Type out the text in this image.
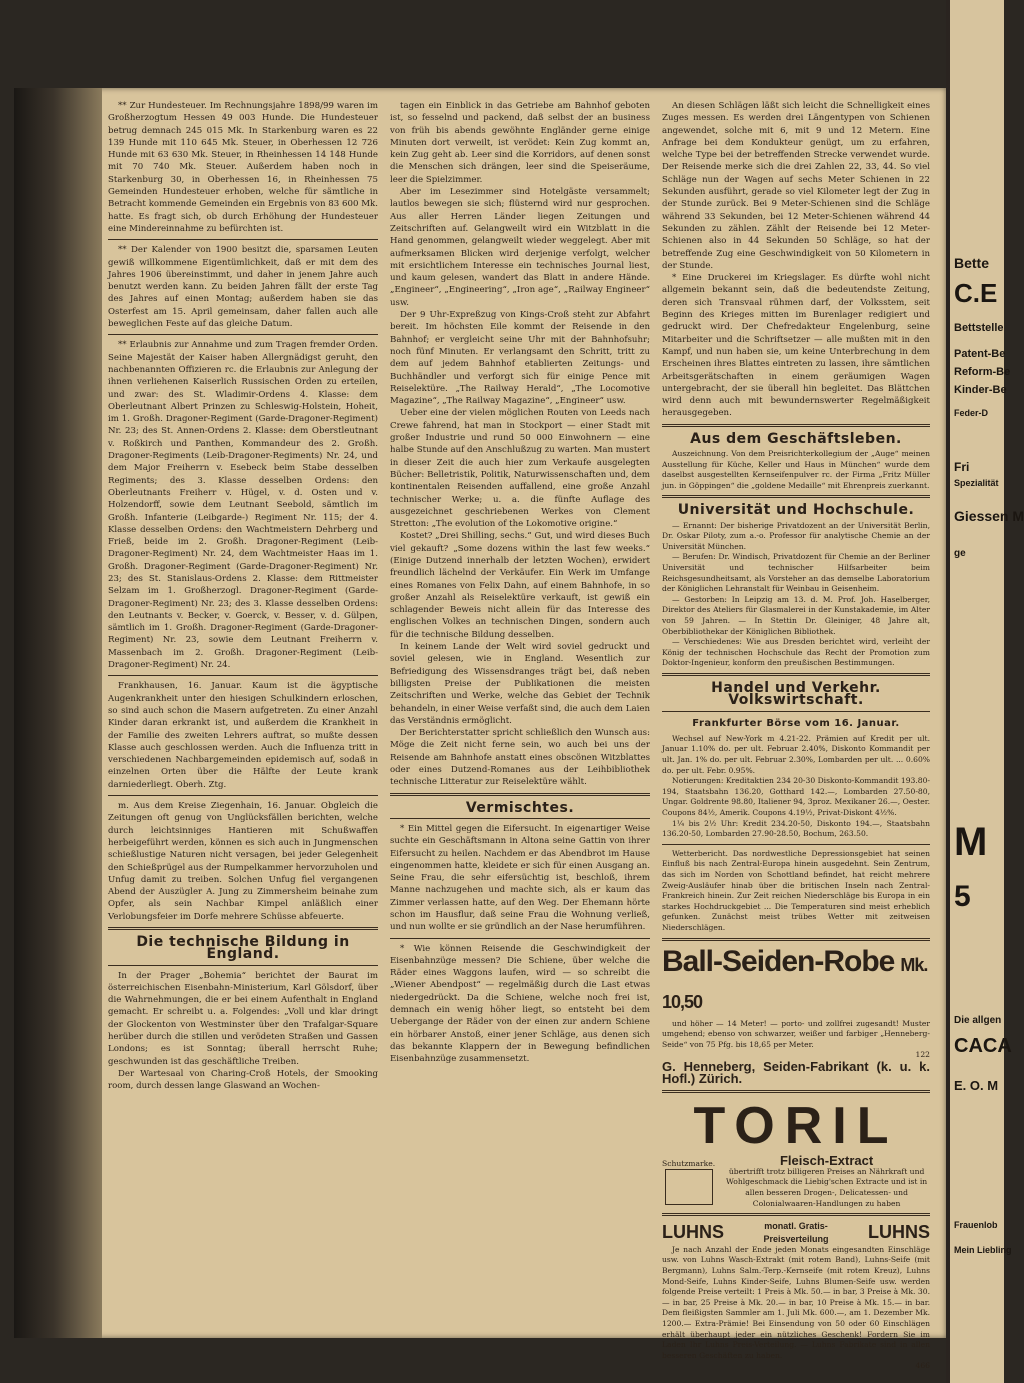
** Zur Hundesteuer. Im Rechnungsjahre 1898/99 waren im Großherzogtum Hessen 49 003 Hunde. Die Hundesteuer betrug demnach 245 015 Mk. In Starkenburg waren es 22 139 Hunde mit 110 645 Mk. Steuer, in Oberhessen 12 726 Hunde mit 63 630 Mk. Steuer, in Rheinhessen 14 148 Hunde mit 70 740 Mk. Steuer. Außerdem haben noch in Starkenburg 30, in Oberhessen 16, in Rheinhessen 75 Gemeinden Hundesteuer erhoben, welche für sämtliche in Betracht kommende Gemeinden ein Ergebnis von 83 600 Mk. hatte. Es fragt sich, ob durch Erhöhung der Hundesteuer eine Mindereinnahme zu befürchten ist.

** Der Kalender von 1900 besitzt die, sparsamen Leuten gewiß willkommene Eigentümlichkeit, daß er mit dem des Jahres 1906 übereinstimmt, und daher in jenem Jahre auch benutzt werden kann. Zu beiden Jahren fällt der erste Tag des Jahres auf einen Montag; außerdem haben sie das Osterfest am 15. April gemeinsam, daher fallen auch alle beweglichen Feste auf das gleiche Datum.

** Erlaubnis zur Annahme und zum Tragen fremder Orden. Seine Majestät der Kaiser haben Allergnädigst geruht, den nachbenannten Offizieren rc. die Erlaubnis zur Anlegung der ihnen verliehenen Kaiserlich Russischen Orden zu erteilen, und zwar: des St. Wladimir-Ordens 4. Klasse: dem Oberleutnant Albert Prinzen zu Schleswig-Holstein, Hoheit, im 1. Großh. Dragoner-Regiment (Garde-Dragoner-Regiment) Nr. 23; des St. Annen-Ordens 2. Klasse: dem Oberstleutnant v. Roßkirch und Panthen, Kommandeur des 2. Großh. Dragoner-Regiments (Leib-Dragoner-Regiments) Nr. 24, und dem Major Freiherrn v. Esebeck beim Stabe desselben Regiments; des 3. Klasse desselben Ordens: den Oberleutnants Freiherr v. Hügel, v. d. Osten und v. Holzendorff, sowie dem Leutnant Seebold, sämtlich im Großh. Infanterie (Leibgarde-) Regiment Nr. 115; der 4. Klasse desselben Ordens: den Wachtmeistern Dehrberg und Frieß, beide im 2. Großh. Dragoner-Regiment (Leib-Dragoner-Regiment) Nr. 24, dem Wachtmeister Haas im 1. Großh. Dragoner-Regiment (Garde-Dragoner-Regiment) Nr. 23; des St. Stanislaus-Ordens 2. Klasse: dem Rittmeister Selzam im 1. Großherzogl. Dragoner-Regiment (Garde-Dragoner-Regiment) Nr. 23; des 3. Klasse desselben Ordens: den Leutnants v. Becker, v. Goerck, v. Besser, v. d. Gülpen, sämtlich im 1. Großh. Dragoner-Regiment (Garde-Dragoner-Regiment) Nr. 23, sowie dem Leutnant Freiherrn v. Massenbach im 2. Großh. Dragoner-Regiment (Leib-Dragoner-Regiment) Nr. 24.

Frankhausen, 16. Januar. Kaum ist die ägyptische Augenkrankheit unter den hiesigen Schulkindern erloschen, so sind auch schon die Masern aufgetreten. Zu einer Anzahl Kinder daran erkrankt ist, und außerdem die Krankheit in der Familie des zweiten Lehrers auftrat, so mußte dessen Klasse auch geschlossen werden. Auch die Influenza tritt in verschiedenen Nachbargemeinden epidemisch auf, sodaß in einzelnen Orten über die Hälfte der Leute krank darniederliegt. Oberh. Ztg.

m. Aus dem Kreise Ziegenhain, 16. Januar. Obgleich die Zeitungen oft genug von Unglücksfällen berichten, welche durch leichtsinniges Hantieren mit Schußwaffen herbeigeführt werden, können es sich auch in Jungmenschen schießlustige Naturen nicht versagen, bei jeder Gelegenheit den Schießprügel aus der Rumpelkammer hervorzuholen und Unfug damit zu treiben. Solchen Unfug fiel vergangenen Abend der Auszügler A. Jung zu Zimmersheim beinahe zum Opfer, als sein Nachbar Kimpel anläßlich einer Verlobungsfeier im Dorfe mehrere Schüsse abfeuerte.

Die technische Bildung in England.

In der Prager „Bohemia“ berichtet der Baurat im österreichischen Eisenbahn-Ministerium, Karl Gölsdorf, über die Wahrnehmungen, die er bei einem Aufenthalt in England gemacht. Er schreibt u. a. Folgendes: „Voll und klar dringt der Glockenton von Westminster über den Trafalgar-Square herüber durch die stillen und verödeten Straßen und Gassen Londons; es ist Sonntag; überall herrscht Ruhe; geschwunden ist das geschäftliche Treiben.

Der Wartesaal von Charing-Croß Hotels, der Smooking room, durch dessen lange Glaswand an Wochen-

tagen ein Einblick in das Getriebe am Bahnhof geboten ist, so fesselnd und packend, daß selbst der an business von früh bis abends gewöhnte Engländer gerne einige Minuten dort verweilt, ist verödet: Kein Zug kommt an, kein Zug geht ab. Leer sind die Korridors, auf denen sonst die Menschen sich drängen, leer sind die Speiseräume, leer die Spielzimmer.

Aber im Lesezimmer sind Hotelgäste versammelt; lautlos bewegen sie sich; flüsternd wird nur gesprochen. Aus aller Herren Länder liegen Zeitungen und Zeitschriften auf. Gelangweilt wird ein Witzblatt in die Hand genommen, gelangweilt wieder weggelegt. Aber mit aufmerksamen Blicken wird derjenige verfolgt, welcher mit ersichtlichem Interesse ein technisches Journal liest, und kaum gelesen, wandert das Blatt in andere Hände. „Engineer“, „Engineering“, „Iron age“, „Railway Engineer“ usw.

Der 9 Uhr-Expreßzug von Kings-Croß steht zur Abfahrt bereit. Im höchsten Eile kommt der Reisende in den Bahnhof; er vergleicht seine Uhr mit der Bahnhofsuhr; noch fünf Minuten. Er verlangsamt den Schritt, tritt zu dem auf jedem Bahnhof etablierten Zeitungs- und Buchhändler und verforgt sich für einige Pence mit Reiselektüre. „The Railway Herald“, „The Locomotive Magazine“, „The Railway Magazine“, „Engineer“ usw.

Ueber eine der vielen möglichen Routen von Leeds nach Crewe fahrend, hat man in Stockport — einer Stadt mit großer Industrie und rund 50 000 Einwohnern — eine halbe Stunde auf den Anschlußzug zu warten. Man mustert in dieser Zeit die auch hier zum Verkaufe ausgelegten Bücher: Belletristik, Politik, Naturwissenschaften und, dem kontinentalen Reisenden auffallend, eine große Anzahl technischer Werke; u. a. die fünfte Auflage des ausgezeichnet geschriebenen Werkes von Clement Stretton: „The evolution of the Lokomotive origine.“

Kostet? „Drei Shilling, sechs.“ Gut, und wird dieses Buch viel gekauft? „Some dozens within the last few weeks.“ (Einige Dutzend innerhalb der letzten Wochen), erwidert freundlich lächelnd der Verkäufer. Ein Werk im Umfange eines Romanes von Felix Dahn, auf einem Bahnhofe, in so großer Anzahl als Reiselektüre verkauft, ist gewiß ein schlagender Beweis nicht allein für das Interesse des englischen Volkes an technischen Dingen, sondern auch für die technische Bildung desselben.

In keinem Lande der Welt wird soviel gedruckt und soviel gelesen, wie in England. Wesentlich zur Befriedigung des Wissensdranges trägt bei, daß neben billigsten Preise der Publikationen die meisten Zeitschriften und Werke, welche das Gebiet der Technik behandeln, in einer Weise verfaßt sind, die auch dem Laien das Verständnis ermöglicht.

Der Berichterstatter spricht schließlich den Wunsch aus: Möge die Zeit nicht ferne sein, wo auch bei uns der Reisende am Bahnhofe anstatt eines obscönen Witzblattes oder eines Dutzend-Romanes aus der Leihbibliothek technische Litteratur zur Reiselektüre wählt.

Vermischtes.

* Ein Mittel gegen die Eifersucht. In eigenartiger Weise suchte ein Geschäftsmann in Altona seine Gattin von ihrer Eifersucht zu heilen. Nachdem er das Abendbrot im Hause eingenommen hatte, kleidete er sich für einen Ausgang an. Seine Frau, die sehr eifersüchtig ist, beschloß, ihrem Manne nachzugehen und machte sich, als er kaum das Zimmer verlassen hatte, auf den Weg. Der Ehemann hörte schon im Hausflur, daß seine Frau die Wohnung verließ, und nun wollte er sie gründlich an der Nase herumführen.

* Wie können Reisende die Geschwindigkeit der Eisenbahnzüge messen? Die Schiene, über welche die Räder eines Waggons laufen, wird — so schreibt die „Wiener Abendpost“ — regelmäßig durch die Last etwas niedergedrückt. Da die Schiene, welche noch frei ist, demnach ein wenig höher liegt, so entsteht bei dem Uebergange der Räder von der einen zur andern Schiene ein hörbarer Anstoß, einer jener Schläge, aus denen sich das bekannte Klappern der in Bewegung befindlichen Eisenbahnzüge zusammensetzt.

An diesen Schlägen läßt sich leicht die Schnelligkeit eines Zuges messen. Es werden drei Längentypen von Schienen angewendet, solche mit 6, mit 9 und 12 Metern. Eine Anfrage bei dem Kondukteur genügt, um zu erfahren, welche Type bei der betreffenden Strecke verwendet wurde. Der Reisende merke sich die drei Zahlen 22, 33, 44. So viel Schläge nun der Wagen auf sechs Meter Schienen in 22 Sekunden ausführt, gerade so viel Kilometer legt der Zug in der Stunde zurück. Bei 9 Meter-Schienen sind die Schläge während 33 Sekunden, bei 12 Meter-Schienen während 44 Sekunden zu zählen. Zählt der Reisende bei 12 Meter-Schienen also in 44 Sekunden 50 Schläge, so hat der betreffende Zug eine Geschwindigkeit von 50 Kilometern in der Stunde.

* Eine Druckerei im Kriegslager. Es dürfte wohl nicht allgemein bekannt sein, daß die bedeutendste Zeitung, deren sich Transvaal rühmen darf, der Volksstem, seit Beginn des Krieges mitten im Burenlager redigiert und gedruckt wird. Der Chefredakteur Engelenburg, seine Mitarbeiter und die Schriftsetzer — alle mußten mit in den Kampf, und nun haben sie, um keine Unterbrechung in dem Erscheinen ihres Blattes eintreten zu lassen, ihre sämtlichen Arbeitsgerätschaften in einem geräumigen Wagen untergebracht, der sie überall hin begleitet. Das Blättchen wird denn auch mit bewundernswerter Regelmäßigkeit herausgegeben.

Aus dem Geschäftsleben.

Auszeichnung. Von dem Preisrichterkollegium der „Auge“ meinen Ausstellung für Küche, Keller und Haus in München“ wurde dem daselbst ausgestellten Kernseifenpulver rc. der Firma „Fritz Müller jun. in Göppingen“ die „goldene Medaille“ mit Ehrenpreis zuerkannt.

Universität und Hochschule.

— Ernannt: Der bisherige Privatdozent an der Universität Berlin, Dr. Oskar Piloty, zum a.-o. Professor für analytische Chemie an der Universität München.

— Berufen: Dr. Windisch, Privatdozent für Chemie an der Berliner Universität und technischer Hilfsarbeiter beim Reichsgesundheitsamt, als Vorsteher an das demselbe Laboratorium der Königlichen Lehranstalt für Weinbau in Geisenheim.

— Gestorben: In Leipzig am 13. d. M. Prof. Joh. Haselberger, Direktor des Ateliers für Glasmalerei in der Kunstakademie, im Alter von 59 Jahren. — In Stettin Dr. Gleiniger, 48 Jahre alt, Oberbibliothekar der Königlichen Bibliothek.

— Verschiedenes: Wie aus Dresden berichtet wird, verleiht der König der technischen Hochschule das Recht der Promotion zum Doktor-Ingenieur, konform den preußischen Bestimmungen.

Handel und Verkehr. Volkswirtschaft.
Frankfurter Börse vom 16. Januar.

Wechsel auf New-York m 4.21-22. Prämien auf Kredit per ult. Januar 1.10% do. per ult. Februar 2.40%, Diskonto Kommandit per ult. Jan. 1% do. per ult. Februar 2.30%, Lombarden per ult. ... 0.60% do. per ult. Febr. 0.95%.

Notierungen: Kreditaktien 234 20-30 Diskonto-Kommandit 193.80-194, Staatsbahn 136.20, Gotthard 142.—, Lombarden 27.50-80, Ungar. Goldrente 98.80, Italiener 94, 3proz. Mexikaner 26.—, Oester. Coupons 84½, Amerik. Coupons 4.19½, Privat-Diskont 4½%.

1¼ bis 2½ Uhr: Kredit 234.20-50, Diskonto 194.—, Staatsbahn 136.20-50, Lombarden 27.90-28.50, Bochum, 263.50.

Wetterbericht. Das nordwestliche Depressionsgebiet hat seinen Einfluß bis nach Zentral-Europa hinein ausgedehnt. Sein Zentrum, das sich im Norden von Schottland befindet, hat reicht mehrere Zweig-Ausläufer hinab über die britischen Inseln nach Zentral-Frankreich hinein. Zur Zeit reichen Niederschläge bis Europa in ein starkes Hochdruckgebiet ... Die Temperaturen sind meist erheblich gefunken. Zunächst meist trübes Wetter mit zeitweisen Niederschlägen.

Ball-Seiden-Robe Mk. 10,50

und höher — 14 Meter! — porto- und zollfrei zugesandt! Muster umgehend; ebenso von schwarzer, weißer und farbiger „Henneberg-Seide“ von 75 Pfg. bis 18,65 per Meter.

122
G. Henneberg, Seiden-Fabrikant (k. u. k. Hofl.) Zürich.
TORIL
Schutzmarke.	Fleisch-Extract

übertrifft trotz billigeren Preises an Nährkraft und Wohlgeschmack die Liebig'schen Extracte und ist in allen besseren Drogen-, Delicatessen- und Colonialwaaren-Handlungen zu haben

LUHNS	monatl. Gratis-Preisverteilung	LUHNS

Je nach Anzahl der Ende jeden Monats eingesandten Einschläge usw. von Luhns Wasch-Extrakt (mit rotem Band), Luhns-Seife (mit Bergmann), Luhns Salm.-Terp.-Kernseife (mit rotem Kreuz), Luhns Mond-Seife, Luhns Kinder-Seife, Luhns Blumen-Seife usw. werden folgende Preise verteilt: 1 Preis à Mk. 50.— in bar, 3 Preise à Mk. 30.— in bar, 25 Preise à Mk. 20.— in bar, 10 Preise à Mk. 15.— in bar. Dem fleißigsten Sammler am 1. Juli Mk. 600.—, am 1. Dezember Mk. 1200.— Extra-Prämie! Bei Einsendung von 50 oder 60 Einschlägen erhält überhaupt jeder ein nützliches Geschenk! Fordern Sie im Laden Ihr Luhns Preis-Verteilung. — Luhns Fabrikate sind in allen besseren Geschäften zu haben.

466
Bette
C.E
Bettstelle
Patent-Be
Reform-Be
Kinder-Be
Feder-D
Fri
Spezialität
Giessen M
ge
M
5
Die allgen
CACA
E. O. M
Frauenlob
Mein Liebling
